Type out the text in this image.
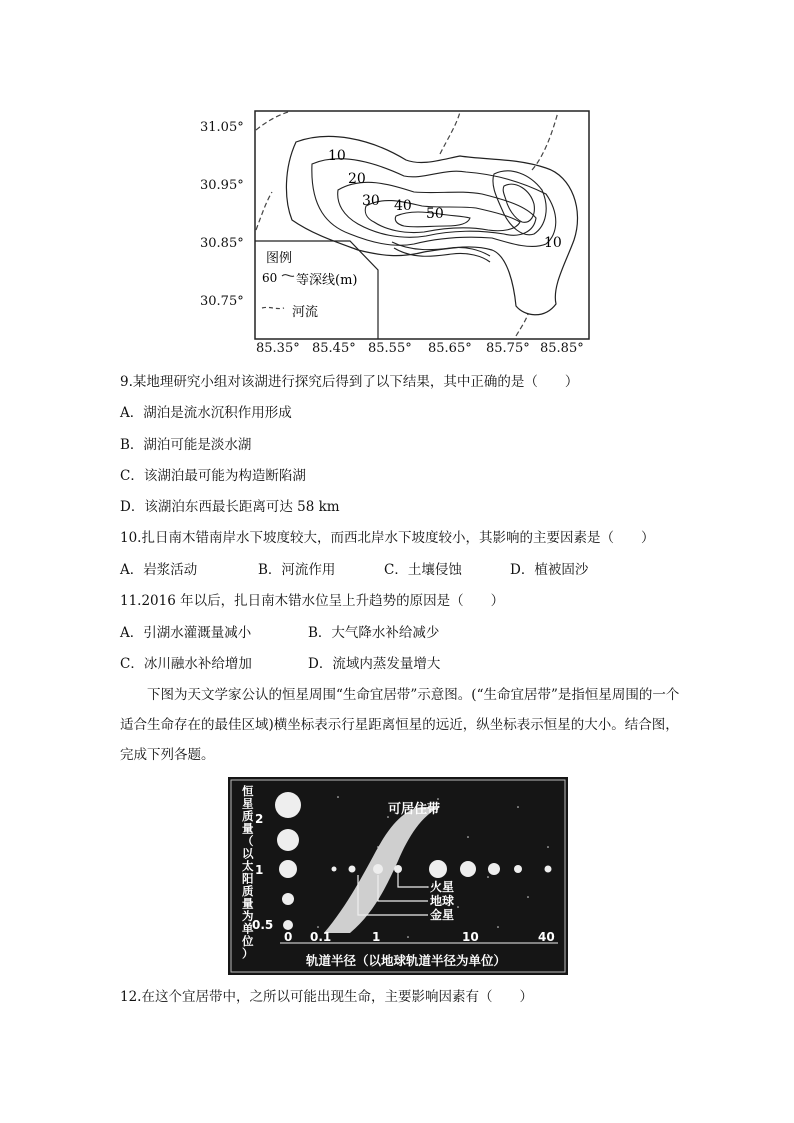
10
20
30 40 50
10
图例
60 等深线(m)
河流
31.05°
30.95°
30.85°
30.75°
85.35° 85.45° 85.55° 85.65° 85.75° 85.85°
9.某地理研究小组对该湖进行探究后得到了以下结果，其中正确的是（　　）
A．湖泊是流水沉积作用形成
B．湖泊可能是淡水湖
C．该湖泊最可能为构造断陷湖
D．该湖泊东西最长距离可达 58 km
10.扎日南木错南岸水下坡度较大，而西北岸水下坡度较小，其影响的主要因素是（　　）
A．岩浆活动	B．河流作用	C．土壤侵蚀	D．植被固沙
11.2016 年以后，扎日南木错水位呈上升趋势的原因是（　　）
A．引湖水灌溉量减小	B．大气降水补给减少
C．冰川融水补给增加	D．流域内蒸发量增大
下图为天文学家公认的恒星周围“生命宜居带”示意图。(“生命宜居带”是指恒星周围的一个适合生命存在的最佳区域)横坐标表示行星距离恒星的远近，纵坐标表示恒星的大小。结合图，完成下列各题。
恒星质量（以太阳质量为单位）
火星
地球
金星
可居住带
2
1
0.5
0 0.1	1	10	40
轨道半径（以地球轨道半径为单位）
12.在这个宜居带中，之所以可能出现生命，主要影响因素有（　　）
